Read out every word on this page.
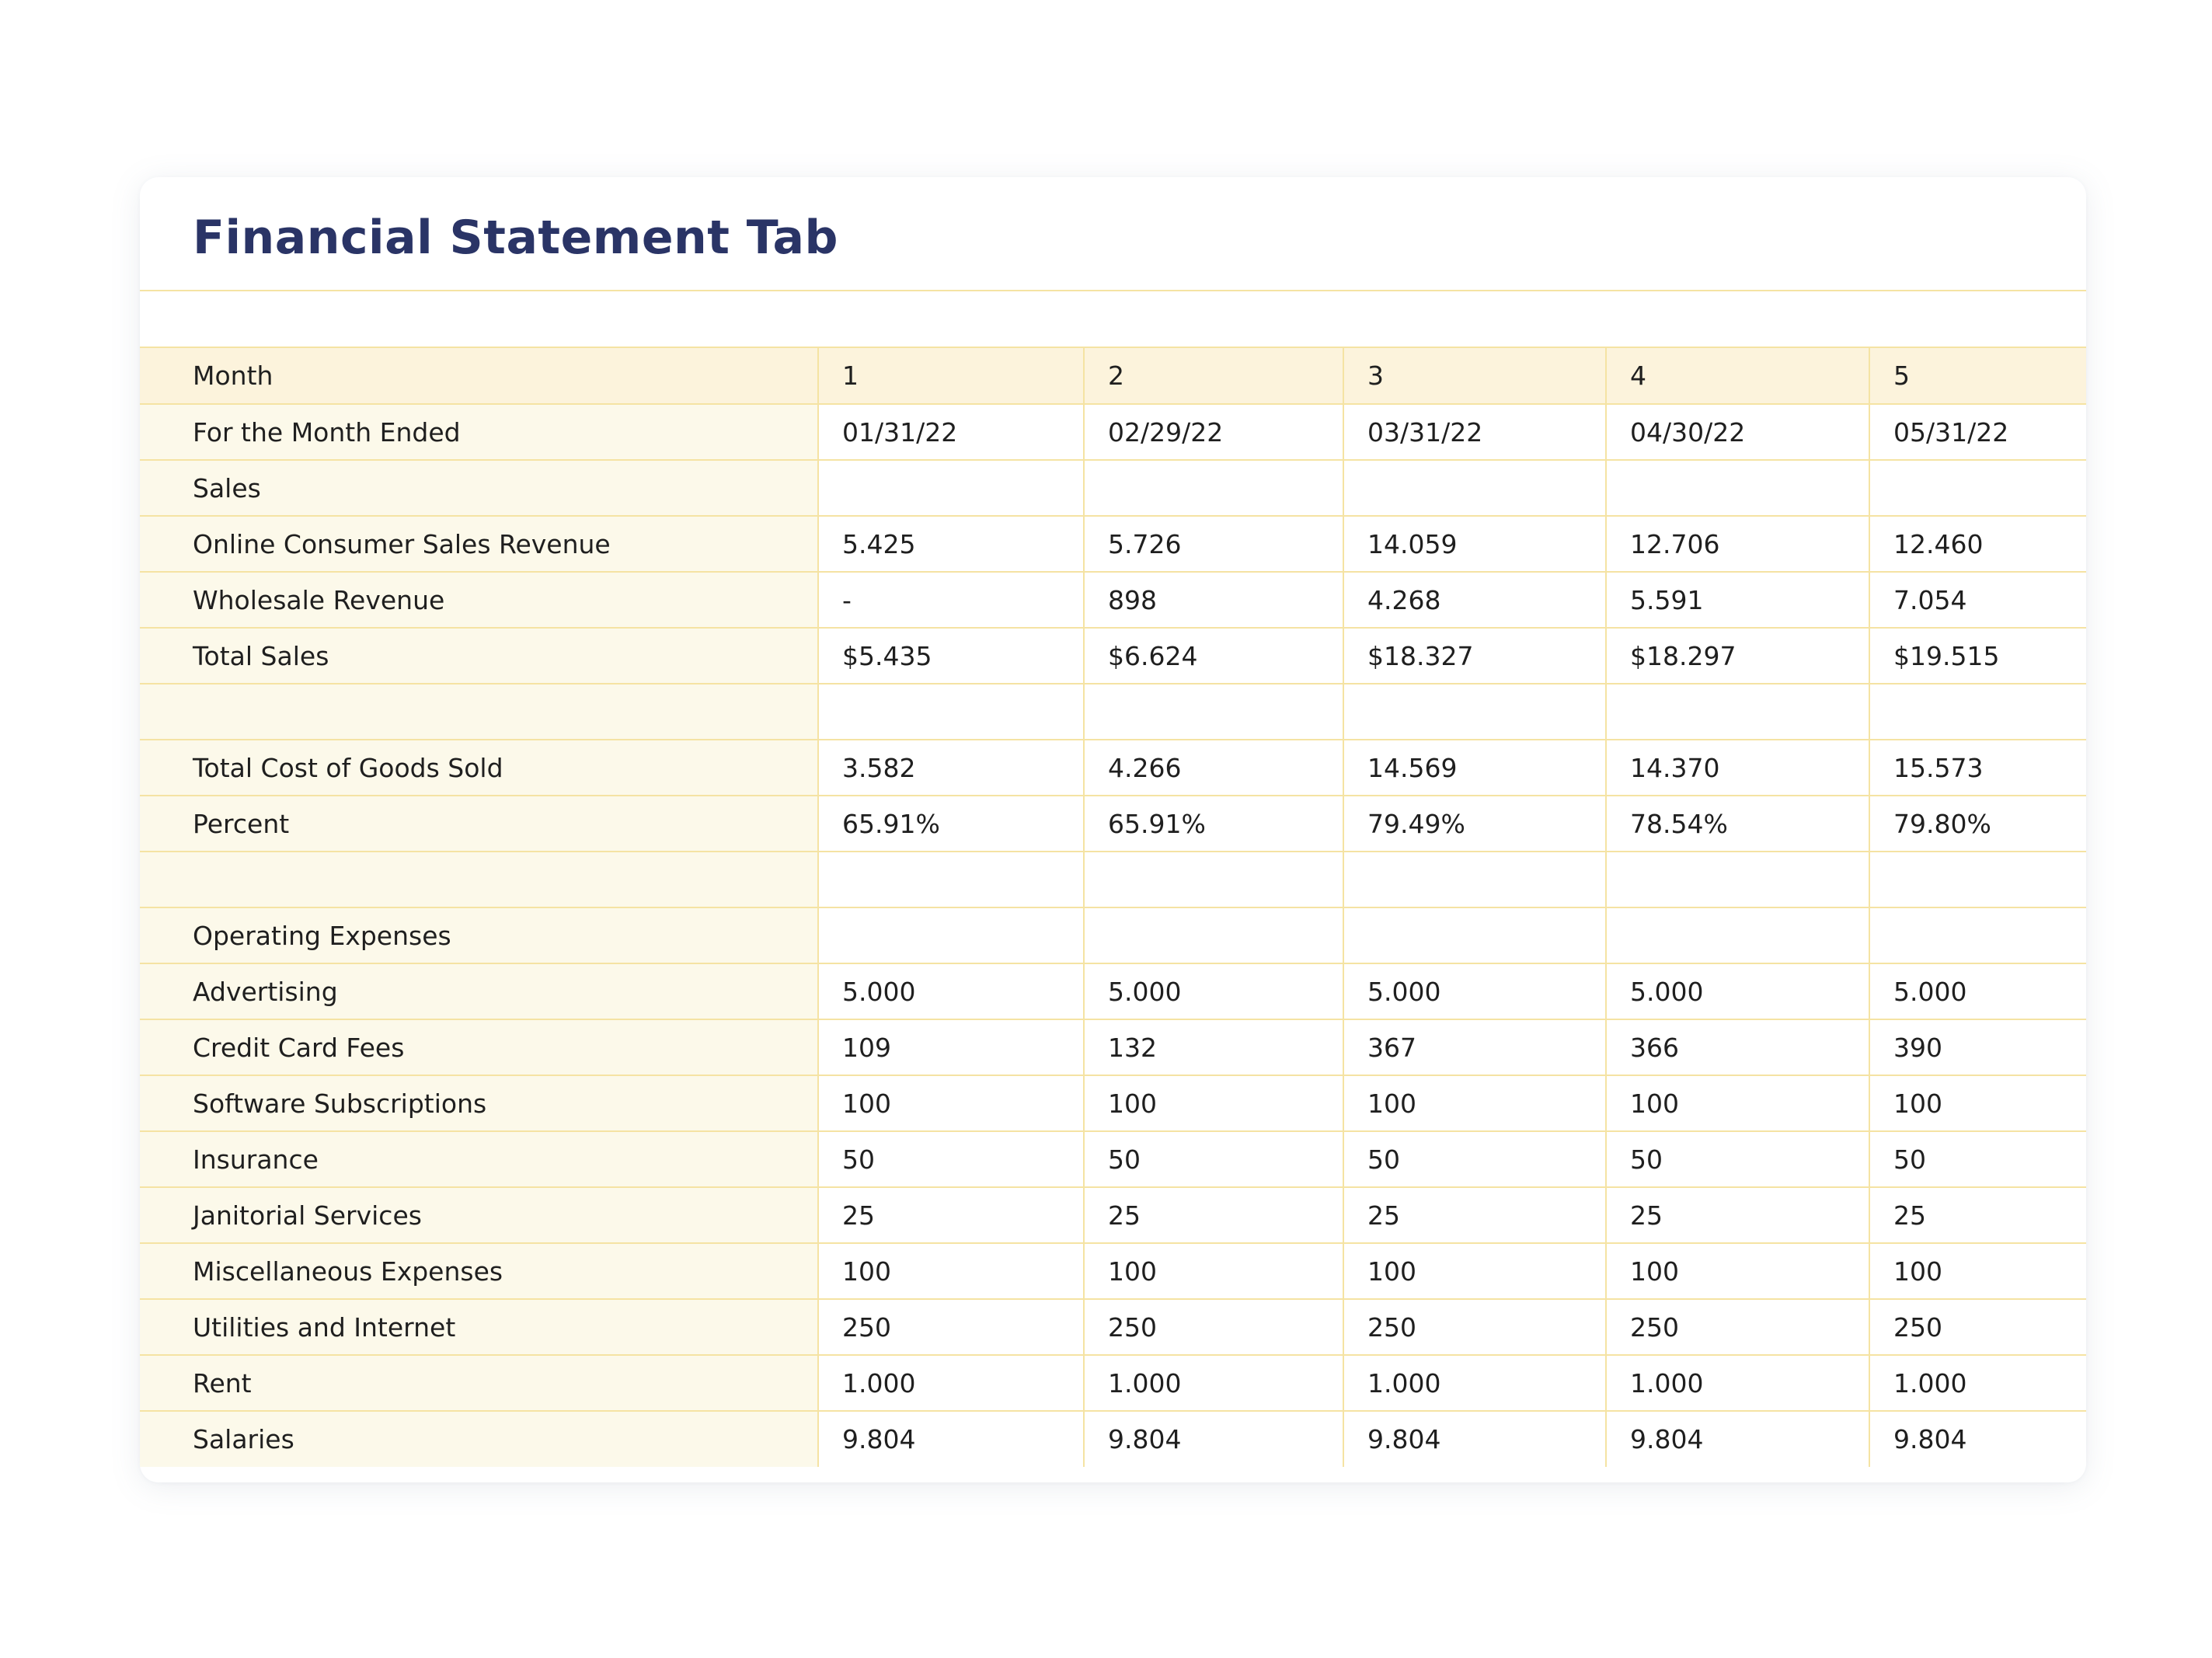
Financial Statement Tab
Month	1	2	3	4	5
For the Month Ended	01/31/22	02/29/22	03/31/22	04/30/22	05/31/22
Sales					
Online Consumer Sales Revenue	5.425	5.726	14.059	12.706	12.460
Wholesale Revenue	-	898	4.268	5.591	7.054
Total Sales	$5.435	$6.624	$18.327	$18.297	$19.515

Total Cost of Goods Sold	3.582	4.266	14.569	14.370	15.573
Percent	65.91%	65.91%	79.49%	78.54%	79.80%

Operating Expenses					
Advertising	5.000	5.000	5.000	5.000	5.000
Credit Card Fees	109	132	367	366	390
Software Subscriptions	100	100	100	100	100
Insurance	50	50	50	50	50
Janitorial Services	25	25	25	25	25
Miscellaneous Expenses	100	100	100	100	100
Utilities and Internet	250	250	250	250	250
Rent	1.000	1.000	1.000	1.000	1.000
Salaries	9.804	9.804	9.804	9.804	9.804
